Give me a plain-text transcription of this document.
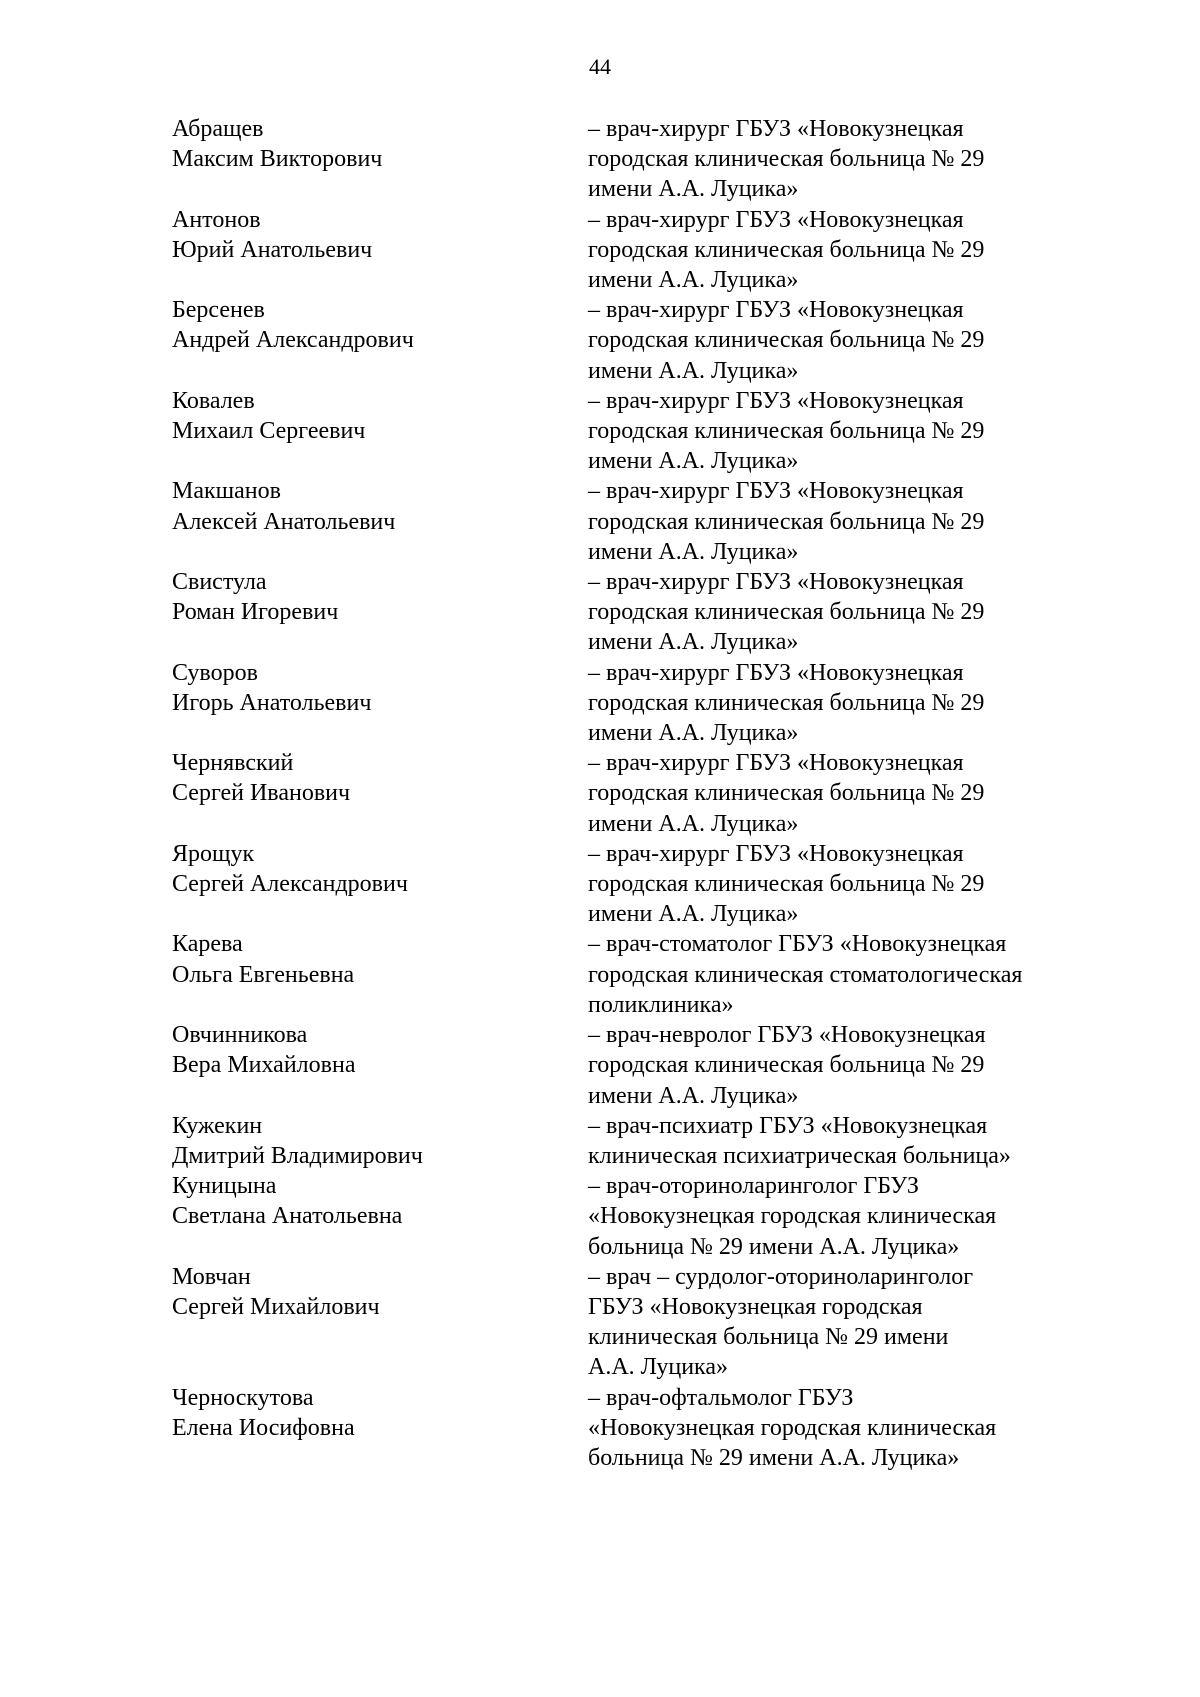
44
Абращев
Максим Викторович
– врач-хирург ГБУЗ «Новокузнецкая
городская клиническая больница № 29
имени А.А. Луцика»
Антонов
Юрий Анатольевич
– врач-хирург ГБУЗ «Новокузнецкая
городская клиническая больница № 29
имени А.А. Луцика»
Берсенев
Андрей Александрович
– врач-хирург ГБУЗ «Новокузнецкая
городская клиническая больница № 29
имени А.А. Луцика»
Ковалев
Михаил Сергеевич
– врач-хирург ГБУЗ «Новокузнецкая
городская клиническая больница № 29
имени А.А. Луцика»
Макшанов
Алексей Анатольевич
– врач-хирург ГБУЗ «Новокузнецкая
городская клиническая больница № 29
имени А.А. Луцика»
Свистула
Роман Игоревич
– врач-хирург ГБУЗ «Новокузнецкая
городская клиническая больница № 29
имени А.А. Луцика»
Суворов
Игорь Анатольевич
– врач-хирург ГБУЗ «Новокузнецкая
городская клиническая больница № 29
имени А.А. Луцика»
Чернявский
Сергей Иванович
– врач-хирург ГБУЗ «Новокузнецкая
городская клиническая больница № 29
имени А.А. Луцика»
Ярощук
Сергей Александрович
– врач-хирург ГБУЗ «Новокузнецкая
городская клиническая больница № 29
имени А.А. Луцика»
Карева
Ольга Евгеньевна
– врач-стоматолог ГБУЗ «Новокузнецкая
городская клиническая стоматологическая
поликлиника»
Овчинникова
Вера Михайловна
– врач-невролог ГБУЗ «Новокузнецкая
городская клиническая больница № 29
имени А.А. Луцика»
Кужекин
Дмитрий Владимирович
– врач-психиатр ГБУЗ «Новокузнецкая
клиническая психиатрическая больница»
Куницына
Светлана Анатольевна
– врач-оториноларинголог ГБУЗ
«Новокузнецкая городская клиническая
больница № 29 имени А.А. Луцика»
Мовчан
Сергей Михайлович
– врач – сурдолог-оториноларинголог
ГБУЗ «Новокузнецкая городская
клиническая больница № 29 имени
А.А. Луцика»
Черноскутова
Елена Иосифовна
– врач-офтальмолог ГБУЗ
«Новокузнецкая городская клиническая
больница № 29 имени А.А. Луцика»
